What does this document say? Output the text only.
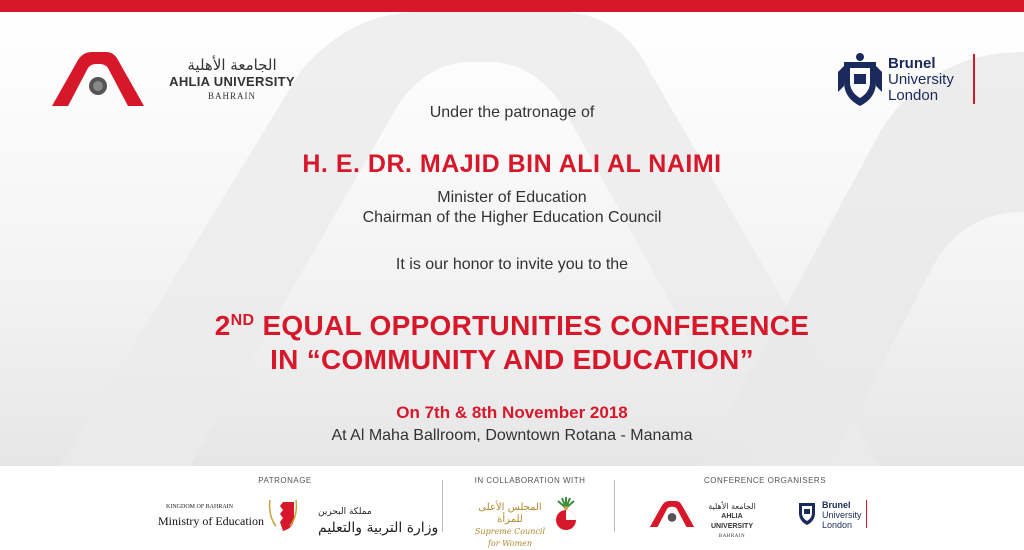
الجامعة الأهلية
AHLIA UNIVERSITY
BAHRAIN
Brunel
University
London
Under the patronage of
H. E. DR. MAJID BIN ALI AL NAIMI
Minister of Education
Chairman of the Higher Education Council
It is our honor to invite you to the
2ND EQUAL OPPORTUNITIES CONFERENCE
IN “COMMUNITY AND EDUCATION”
On 7th & 8th November 2018
At Al Maha Ballroom, Downtown Rotana - Manama
PATRONAGE
KINGDOM OF BAHRAIN
Ministry of Education
مملكة البحرين
وزارة التربية والتعليم
IN COLLABORATION WITH
المجلس الأعلى للمرأة
Supreme Council for Women
CONFERENCE ORGANISERS
الجامعة الأهلية
AHLIA UNIVERSITY
BAHRAIN
Brunel
University
London
